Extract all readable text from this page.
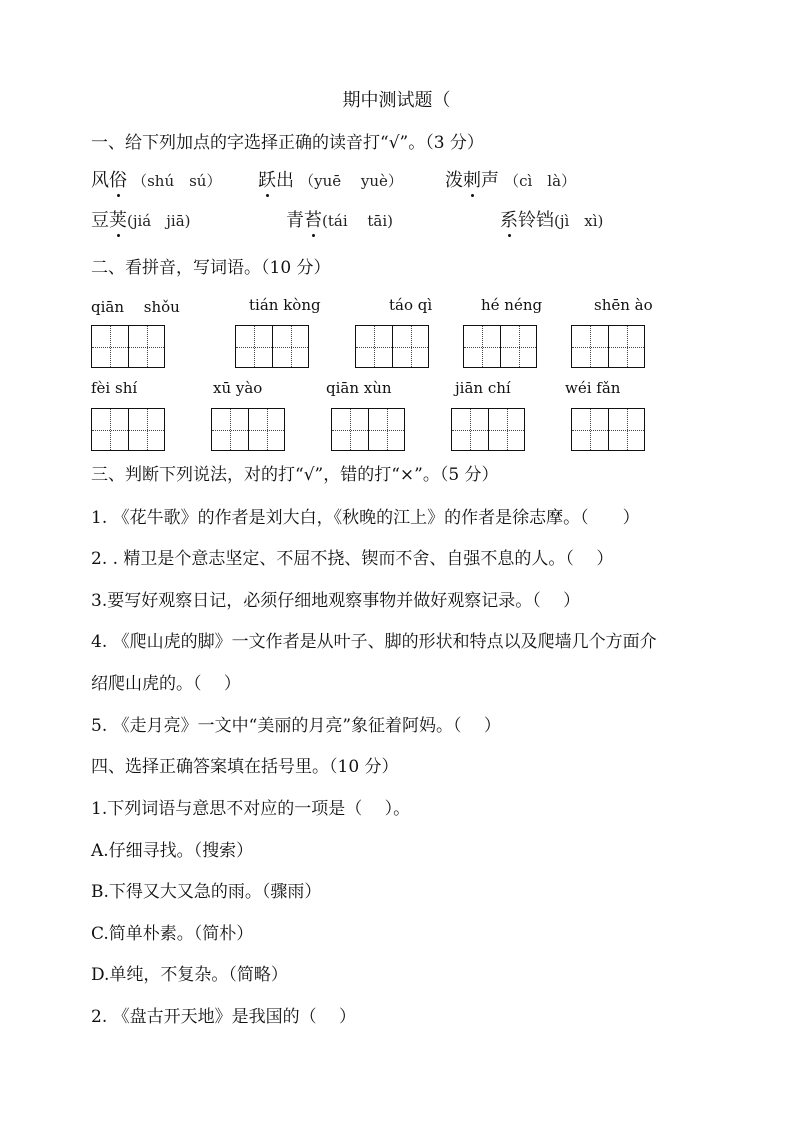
期中测试题（
一、给下列加点的字选择正确的读音打“√”。（3 分）
风俗 （shú　sú） 跃出 （yuē　 yuè） 泼刺声 （cì　là）
豆荚(jiá　jiā)	青苔(tái　 tāi)	系铃铛(jì　xì)
二、看拼音，写词语。（10 分）
qiān　 shǒu	tián kòng	táo qì	hé néng	shēn ào
fèi shí	xū yào	qiān xùn	jiān chí	wéi fǎn
三、判断下列说法，对的打“√”，错的打“×”。（5 分）
1. 《花牛歌》的作者是刘大白，《秋晚的江上》的作者是徐志摩。（　　）
2. . 精卫是个意志坚定、不屈不挠、锲而不舍、自强不息的人。（　 ）
3.要写好观察日记，必须仔细地观察事物并做好观察记录。（　 ）
4. 《爬山虎的脚》一文作者是从叶子、脚的形状和特点以及爬墙几个方面介
绍爬山虎的。（　 ）
5. 《走月亮》一文中“美丽的月亮”象征着阿妈。（　 ）
四、选择正确答案填在括号里。（10 分）
1.下列词语与意思不对应的一项是（　 ）。
A.仔细寻找。（搜索）
B.下得又大又急的雨。（骤雨）
C.简单朴素。（简朴）
D.单纯，不复杂。（简略）
2. 《盘古开天地》是我国的（　 ）
